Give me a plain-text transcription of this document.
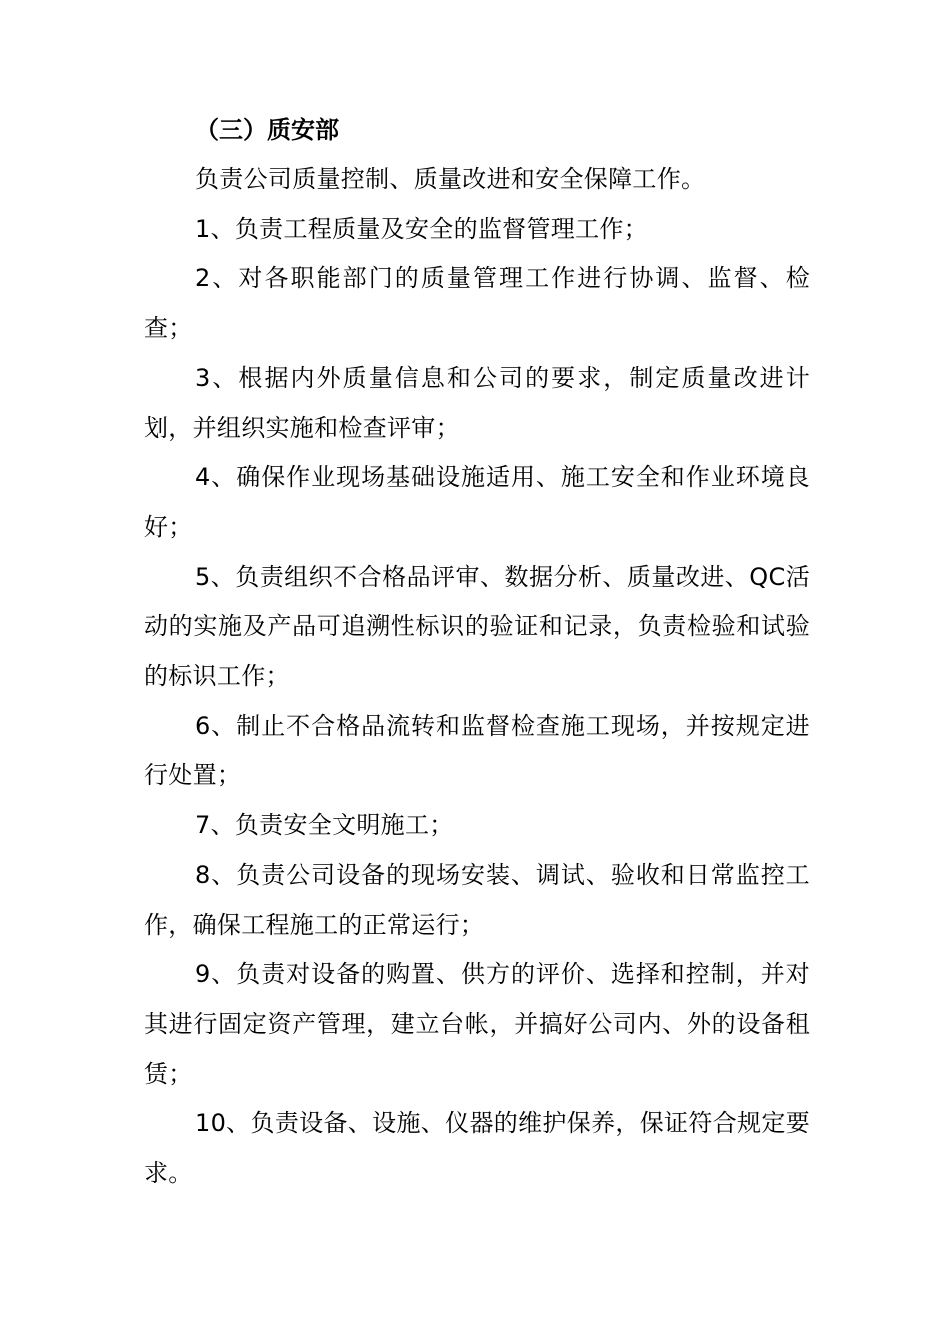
（三）质安部

负责公司质量控制、质量改进和安全保障工作。

1、负责工程质量及安全的监督管理工作；

2、对各职能部门的质量管理工作进行协调、监督、检查；

3、根据内外质量信息和公司的要求，制定质量改进计划，并组织实施和检查评审；

4、确保作业现场基础设施适用、施工安全和作业环境良好；

5、负责组织不合格品评审、数据分析、质量改进、QC活动的实施及产品可追溯性标识的验证和记录，负责检验和试验的标识工作；

6、制止不合格品流转和监督检查施工现场，并按规定进行处置；

7、负责安全文明施工；

8、负责公司设备的现场安装、调试、验收和日常监控工作，确保工程施工的正常运行；

9、负责对设备的购置、供方的评价、选择和控制，并对其进行固定资产管理，建立台帐，并搞好公司内、外的设备租赁；

10、负责设备、设施、仪器的维护保养，保证符合规定要求。
